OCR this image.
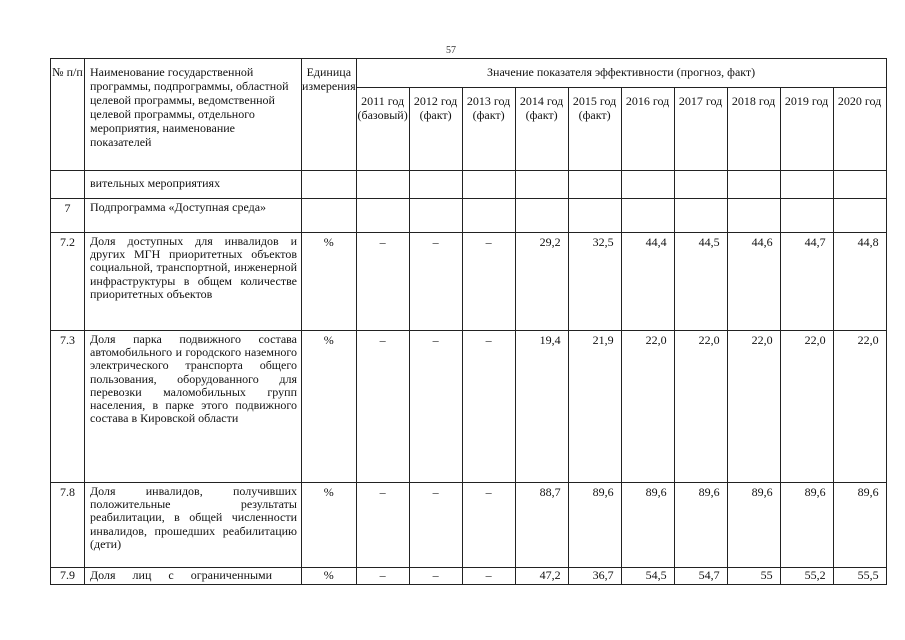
57
№ п/п	Наименование государственной программы, подпрограммы, областной целевой программы, ведомственной целевой программы, отдельного мероприятия, наименование показателей	Единица измерения	Значение показателя эффективности (прогноз, факт)									
			2011 год (базовый)	2012 год (факт)	2013 год (факт)	2014 год (факт)	2015 год (факт)	2016 год	2017 год	2018 год	2019 год	2020 год
	вительных мероприятиях											
7	Подпрограмма «Доступная среда»											
7.2	Доля доступных для инвалидов и других МГН приоритетных объектов социальной, транспортной, инженерной инфраструктуры в общем количестве приоритетных объектов	%	–	–	–	29,2	32,5	44,4	44,5	44,6	44,7	44,8
7.3	Доля парка подвижного состава автомобильного и городского наземного электрического транспорта общего пользования, оборудованного для перевозки маломобильных групп населения, в парке этого подвижного состава в Кировской области	%	–	–	–	19,4	21,9	22,0	22,0	22,0	22,0	22,0
7.8	Доля инвалидов, получивших положительные результаты реабилитации, в общей численности инвалидов, прошедших реабилитацию (дети)	%	–	–	–	88,7	89,6	89,6	89,6	89,6	89,6	89,6
7.9	Доля лиц с ограниченными	%	–	–	–	47,2	36,7	54,5	54,7	55	55,2	55,5
